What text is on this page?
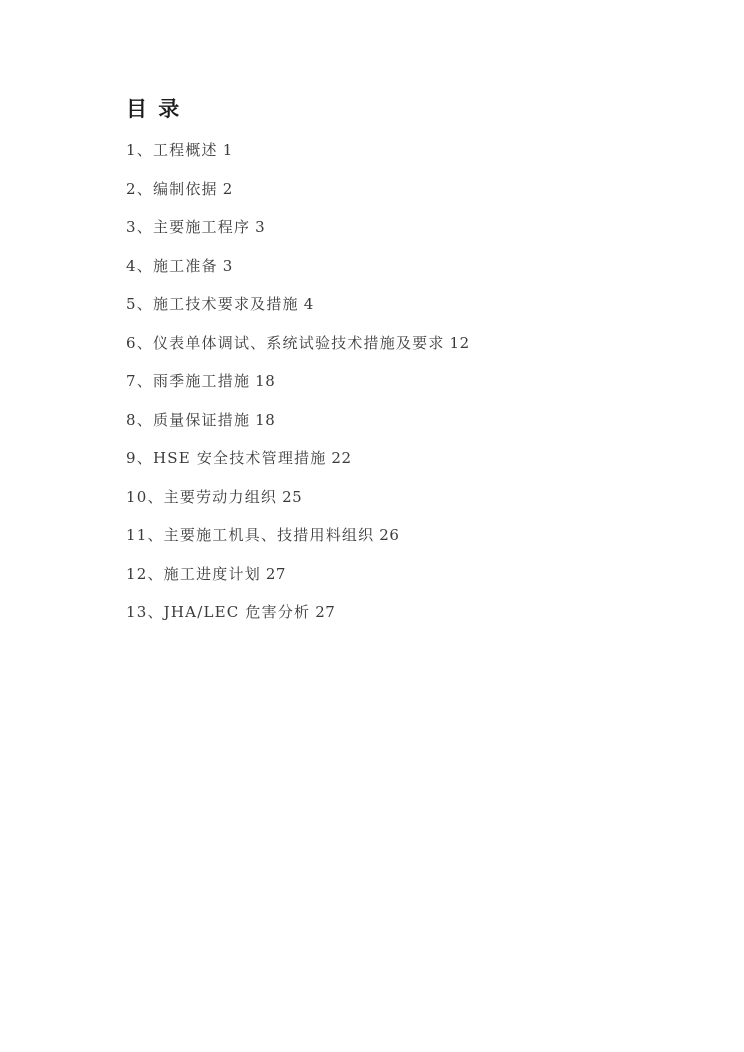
目 录
1、工程概述 1
2、编制依据 2
3、主要施工程序 3
4、施工准备 3
5、施工技术要求及措施 4
6、仪表单体调试、系统试验技术措施及要求 12
7、雨季施工措施 18
8、质量保证措施 18
9、HSE 安全技术管理措施 22
10、主要劳动力组织 25
11、主要施工机具、技措用料组织 26
12、施工进度计划 27
13、JHA/LEC 危害分析 27
